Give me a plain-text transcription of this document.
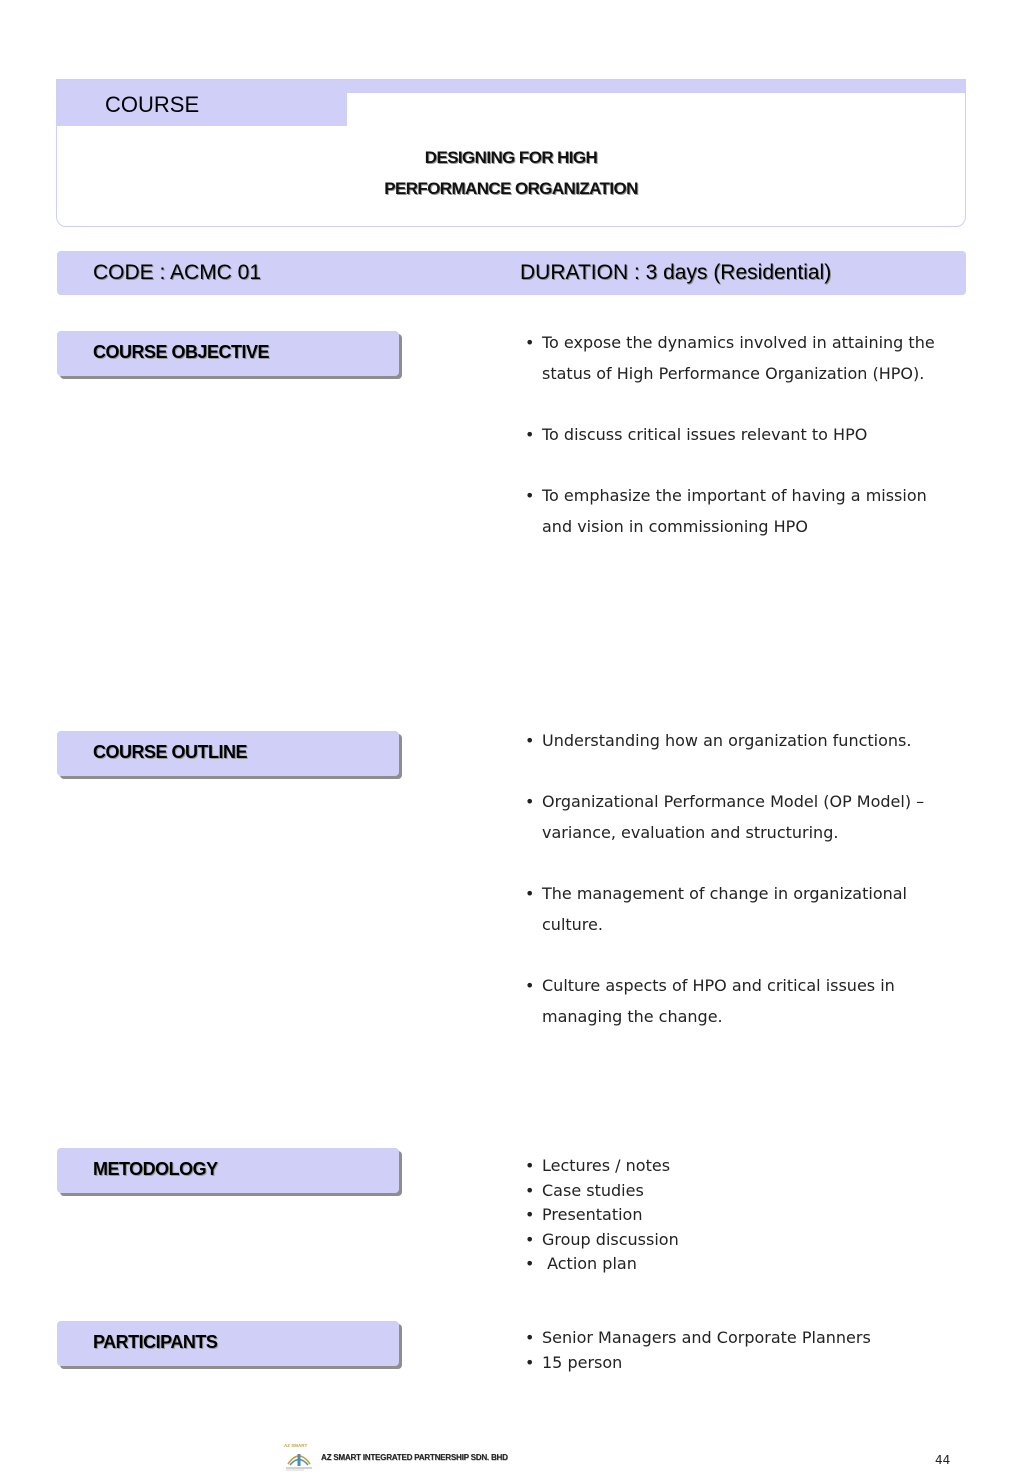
COURSE
DESIGNING FOR HIGH
PERFORMANCE ORGANIZATION
CODE : ACMC 01	DURATION : 3 days (Residential)
COURSE OBJECTIVE	• To expose the dynamics involved in attaining the status of High Performance Organization (HPO).
• To discuss critical issues relevant to HPO
• To emphasize the important of having a mission and vision in commissioning HPO
COURSE OUTLINE
• Understanding how an organization functions.
• Organizational Performance Model (OP Model) – variance, evaluation and structuring.
• The management of change in organizational culture.
• Culture aspects of HPO and critical issues in managing the change.
METODOLOGY	• Lectures / notes
• Case studies
• Presentation
• Group discussion
•  Action plan
PARTICIPANTS	• Senior Managers and Corporate Planners
• 15 person
AZ SMART
AZ SMART INTEGRATED PARTNERSHIP SDN. BHD	44
